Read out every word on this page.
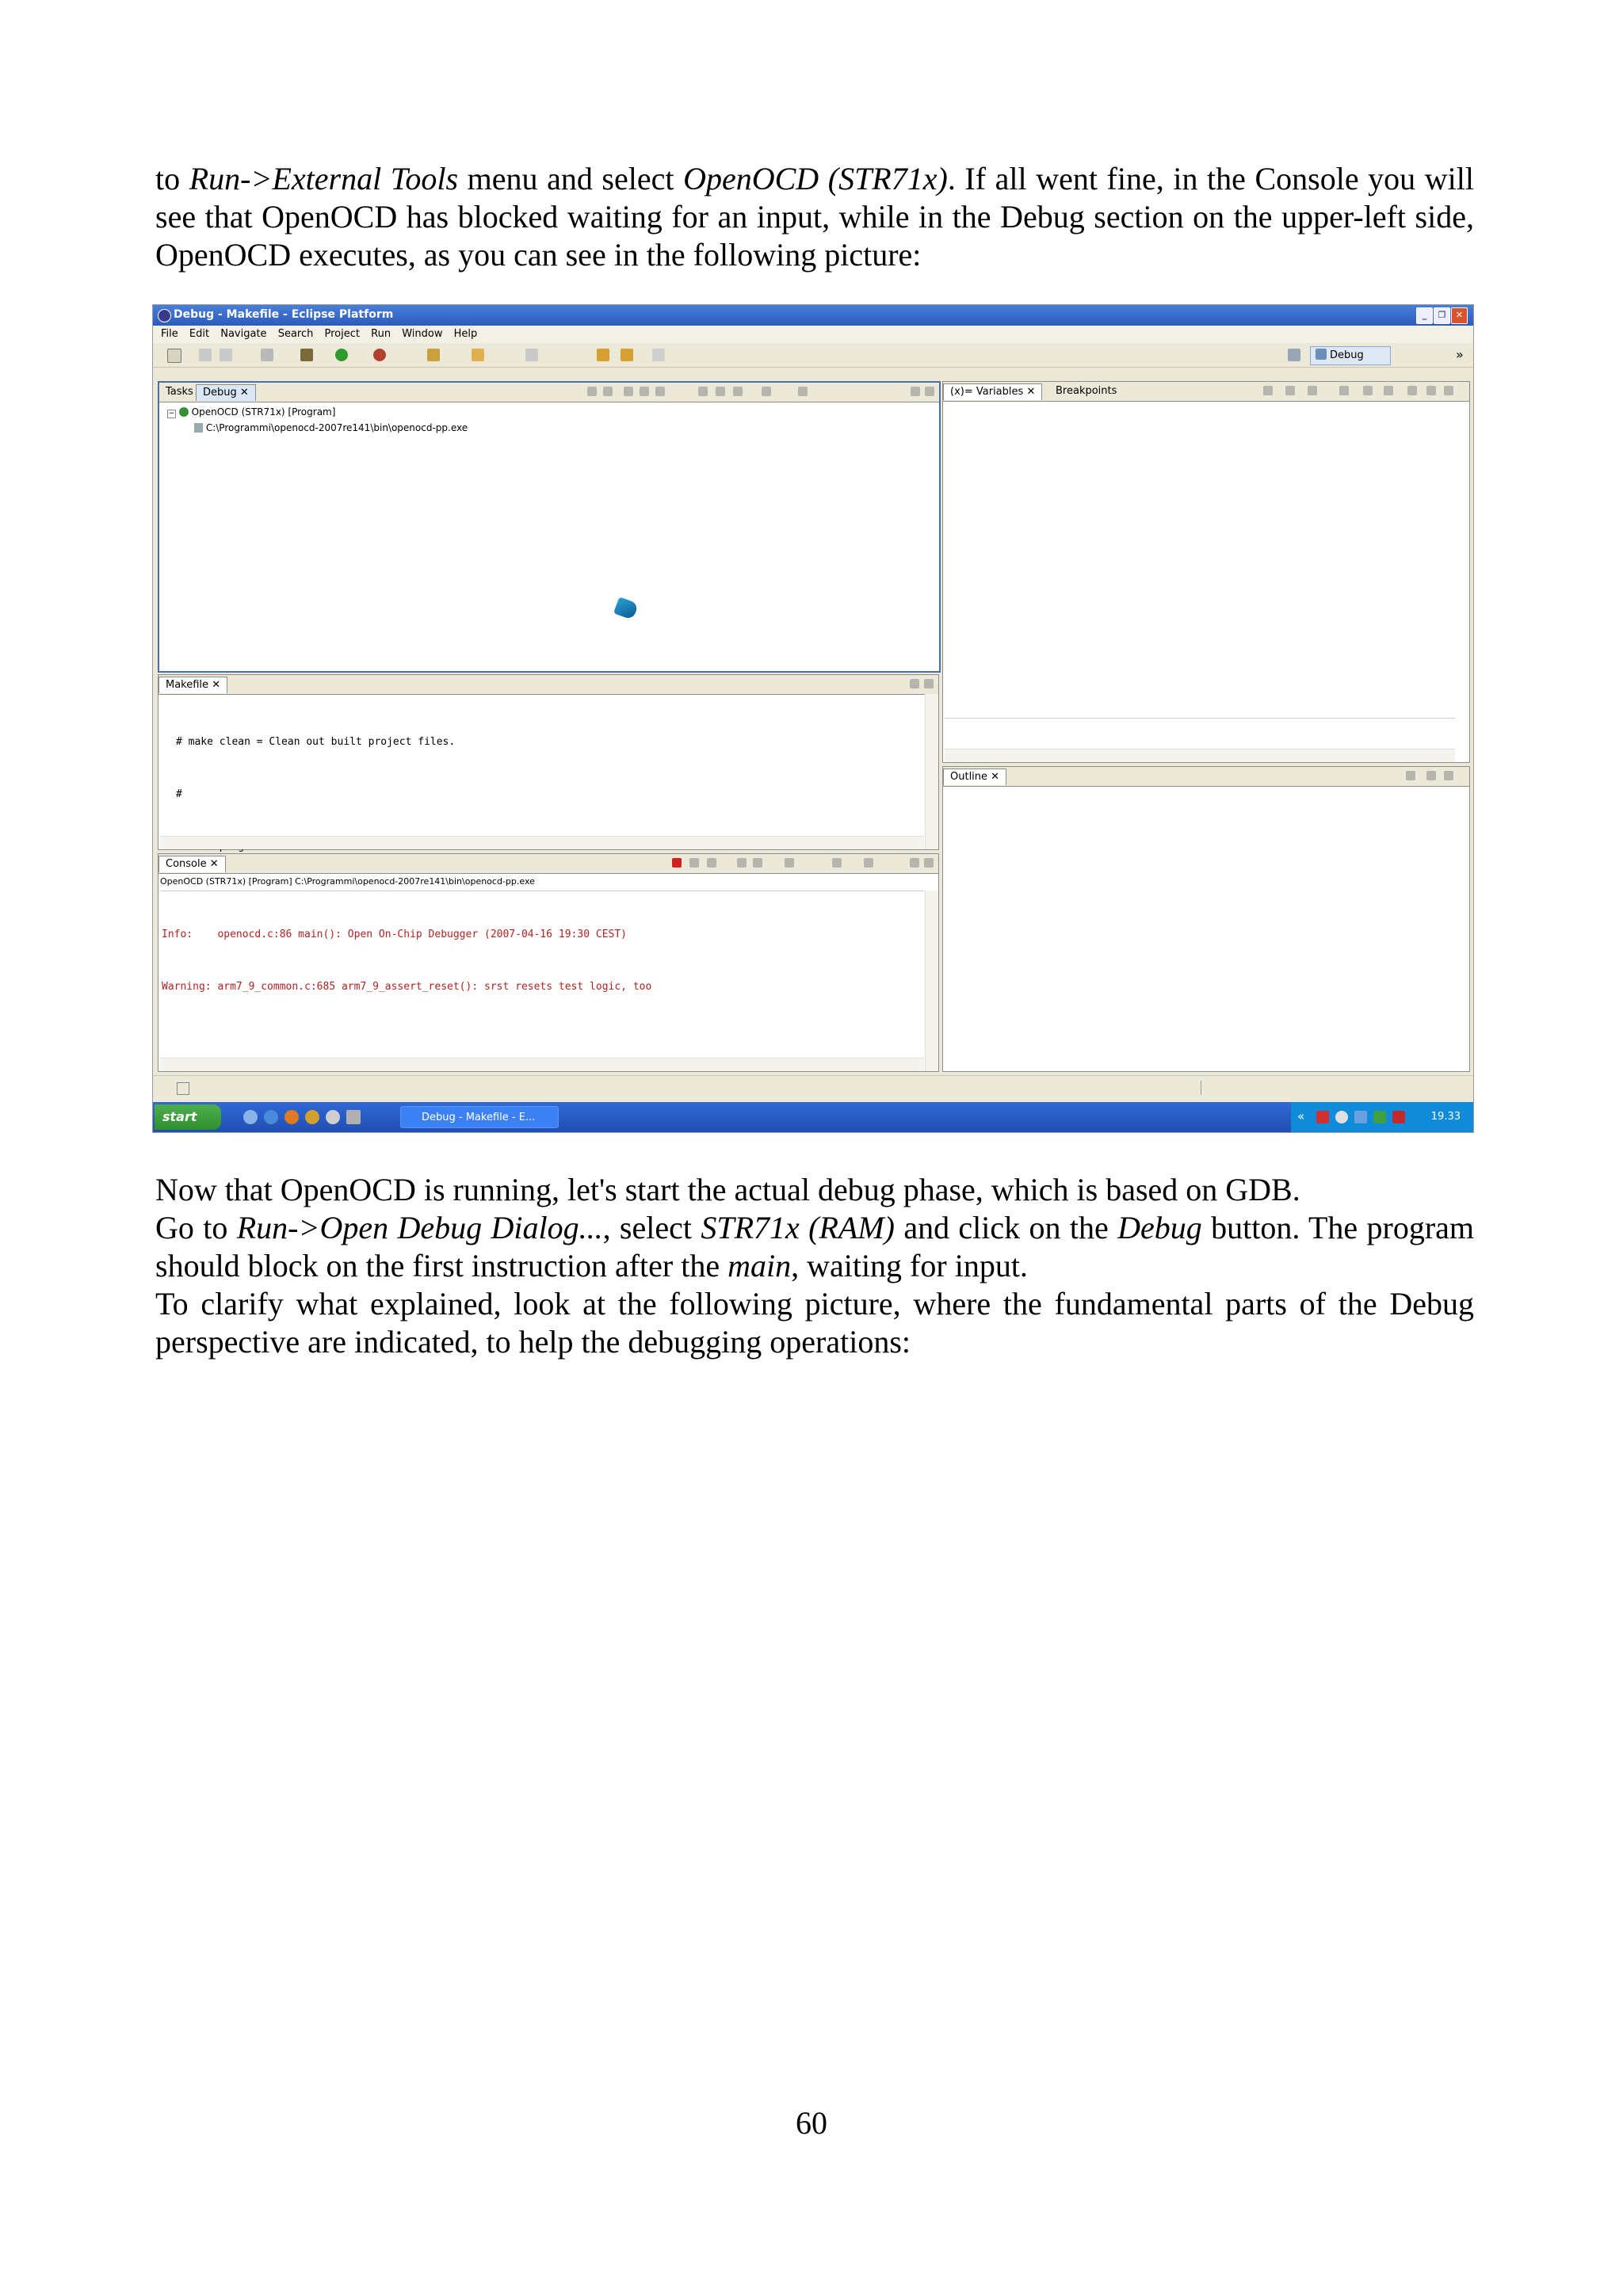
to Run->External Tools menu and select OpenOCD (STR71x). If all went fine, in the Console you will see that OpenOCD has blocked waiting for an input, while in the Debug section on the upper-left side, OpenOCD executes, as you can see in the following picture:

Debug - Makefile - Eclipse Platform	_	❐	✕
File Edit Navigate Search Project Run Window Help
Debug	»
Tasks Debug ✕
− OpenOCD (STR71x) [Program]
C:\Programmi\openocd-2007re141\bin\openocd-pp.exe
Makefile ✕

# make clean = Clean out built project files.

#

Console ✕
OpenOCD (STR71x) [Program] C:\Programmi\openocd-2007re141\bin\openocd-pp.exe

Info:    openocd.c:86 main(): Open On-Chip Debugger (2007-04-16 19:30 CEST)

Warning: arm7_9_common.c:685 arm7_9_assert_reset(): srst resets test logic, too

(x)= Variables ✕	Breakpoints
Outline ✕
start	Debug - Makefile - E...	«	19.33

Now that OpenOCD is running, let's start the actual debug phase, which is based on GDB.

Go to Run->Open Debug Dialog..., select STR71x (RAM) and click on the Debug button. The program should block on the first instruction after the main, waiting for input.

To clarify what explained, look at the following picture, where the fundamental parts of the Debug perspective are indicated, to help the debugging operations:

60
